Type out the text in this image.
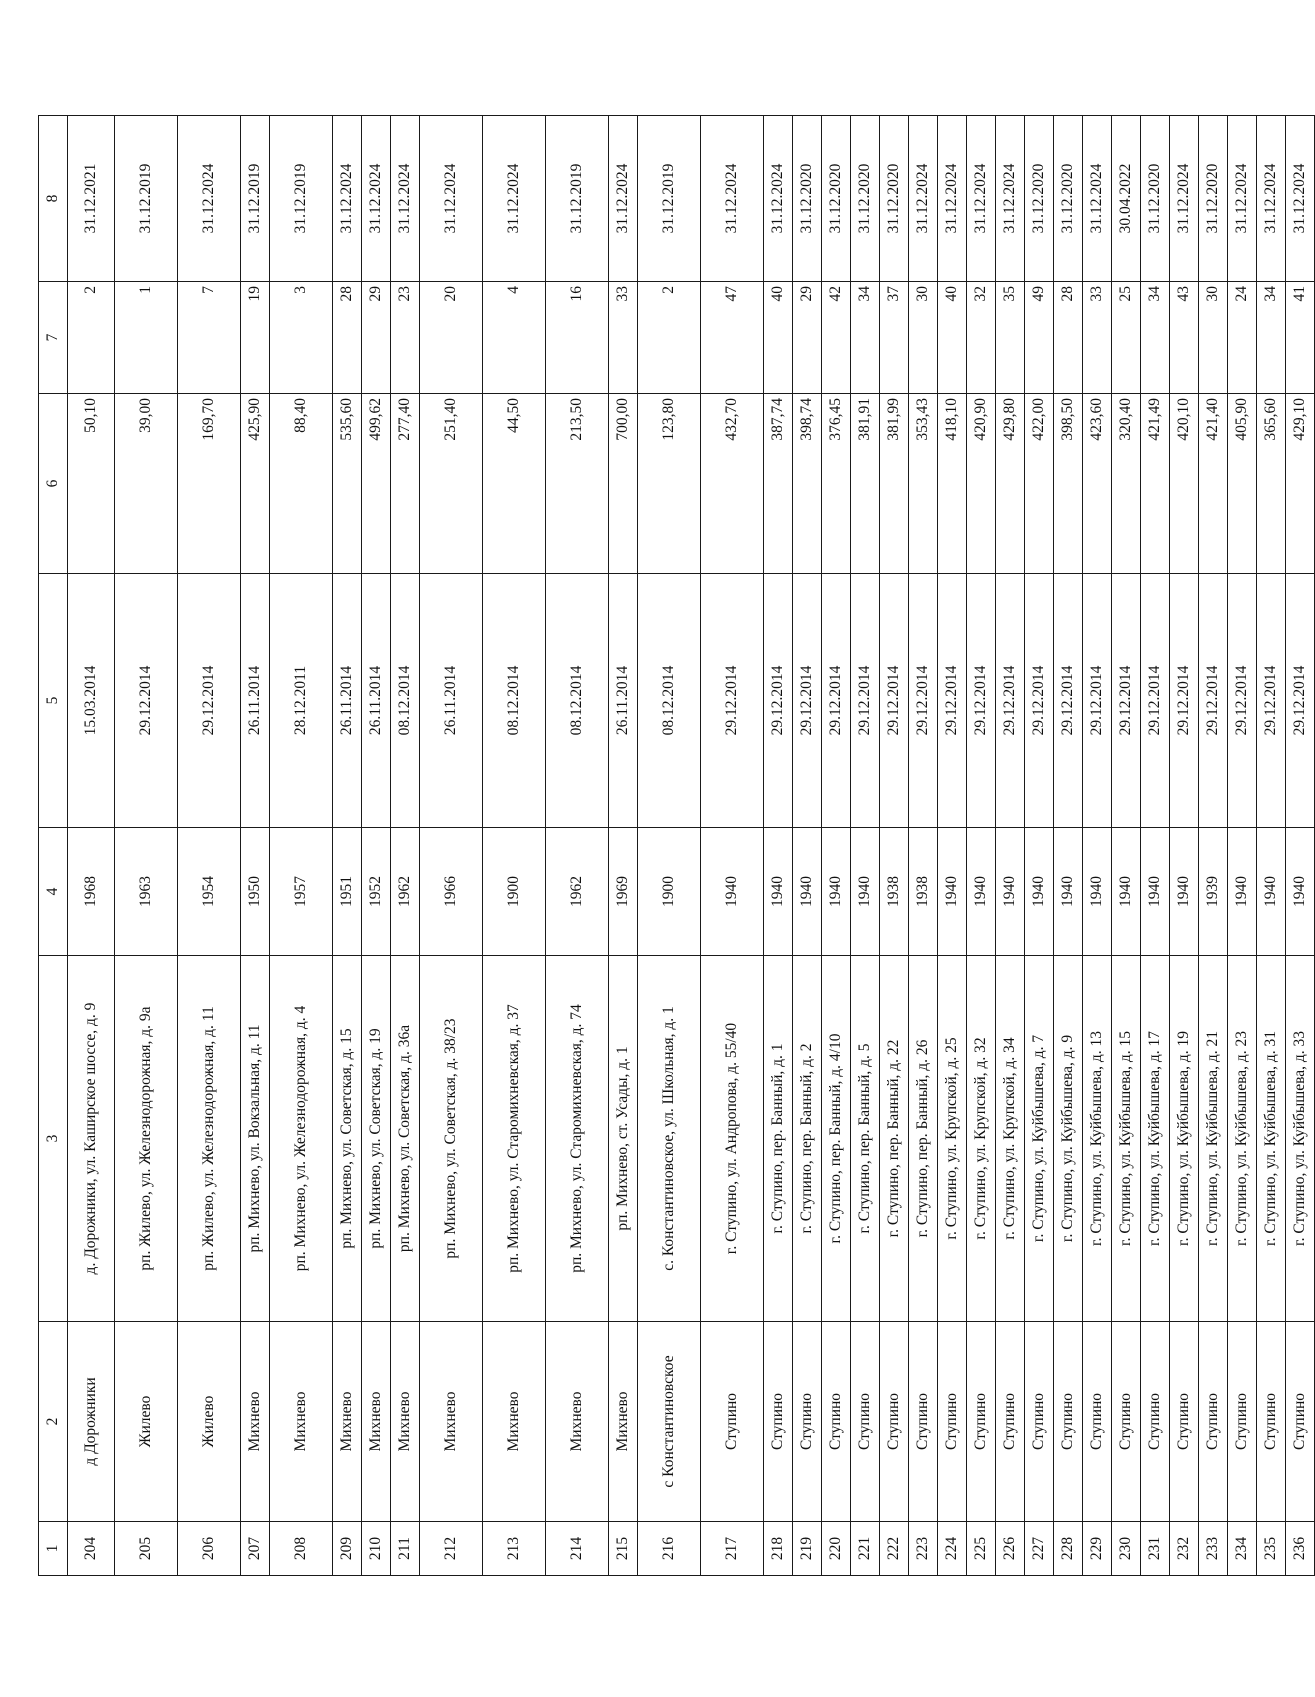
1	2	3	4	5	6	7	8
204	д Дорожники	д. Дорожники, ул. Каширское шоссе, д. 9	1968	15.03.2014	50,10	2	31.12.2021
205	Жилево	рп. Жилево, ул. Железнодорожная, д. 9а	1963	29.12.2014	39,00	1	31.12.2019
206	Жилево	рп. Жилево, ул. Железнодорожная, д. 11	1954	29.12.2014	169,70	7	31.12.2024
207	Михнево	рп. Михнево, ул. Вокзальная, д. 11	1950	26.11.2014	425,90	19	31.12.2019
208	Михнево	рп. Михнево, ул. Железнодорожная, д. 4	1957	28.12.2011	88,40	3	31.12.2019
209	Михнево	рп. Михнево, ул. Советская, д. 15	1951	26.11.2014	535,60	28	31.12.2024
210	Михнево	рп. Михнево, ул. Советская, д. 19	1952	26.11.2014	499,62	29	31.12.2024
211	Михнево	рп. Михнево, ул. Советская, д. 36а	1962	08.12.2014	277,40	23	31.12.2024
212	Михнево	рп. Михнево, ул. Советская, д. 38/23	1966	26.11.2014	251,40	20	31.12.2024
213	Михнево	рп. Михнево, ул. Старомихневская, д. 37	1900	08.12.2014	44,50	4	31.12.2024
214	Михнево	рп. Михнево, ул. Старомихневская, д. 74	1962	08.12.2014	213,50	16	31.12.2019
215	Михнево	рп. Михнево, ст. Усады, д. 1	1969	26.11.2014	700,00	33	31.12.2024
216	с Константиновское	с. Константиновское, ул. Школьная, д. 1	1900	08.12.2014	123,80	2	31.12.2019
217	Ступино	г. Ступино, ул. Андропова, д. 55/40	1940	29.12.2014	432,70	47	31.12.2024
218	Ступино	г. Ступино, пер. Банный, д. 1	1940	29.12.2014	387,74	40	31.12.2024
219	Ступино	г. Ступино, пер. Банный, д. 2	1940	29.12.2014	398,74	29	31.12.2020
220	Ступино	г. Ступино, пер. Банный, д. 4/10	1940	29.12.2014	376,45	42	31.12.2020
221	Ступино	г. Ступино, пер. Банный, д. 5	1940	29.12.2014	381,91	34	31.12.2020
222	Ступино	г. Ступино, пер. Банный, д. 22	1938	29.12.2014	381,99	37	31.12.2020
223	Ступино	г. Ступино, пер. Банный, д. 26	1938	29.12.2014	353,43	30	31.12.2024
224	Ступино	г. Ступино, ул. Крупской, д. 25	1940	29.12.2014	418,10	40	31.12.2024
225	Ступино	г. Ступино, ул. Крупской, д. 32	1940	29.12.2014	420,90	32	31.12.2024
226	Ступино	г. Ступино, ул. Крупской, д. 34	1940	29.12.2014	429,80	35	31.12.2024
227	Ступино	г. Ступино, ул. Куйбышева, д. 7	1940	29.12.2014	422,00	49	31.12.2020
228	Ступино	г. Ступино, ул. Куйбышева, д. 9	1940	29.12.2014	398,50	28	31.12.2020
229	Ступино	г. Ступино, ул. Куйбышева, д. 13	1940	29.12.2014	423,60	33	31.12.2024
230	Ступино	г. Ступино, ул. Куйбышева, д. 15	1940	29.12.2014	320,40	25	30.04.2022
231	Ступино	г. Ступино, ул. Куйбышева, д. 17	1940	29.12.2014	421,49	34	31.12.2020
232	Ступино	г. Ступино, ул. Куйбышева, д. 19	1940	29.12.2014	420,10	43	31.12.2024
233	Ступино	г. Ступино, ул. Куйбышева, д. 21	1939	29.12.2014	421,40	30	31.12.2020
234	Ступино	г. Ступино, ул. Куйбышева, д. 23	1940	29.12.2014	405,90	24	31.12.2024
235	Ступино	г. Ступино, ул. Куйбышева, д. 31	1940	29.12.2014	365,60	34	31.12.2024
236	Ступино	г. Ступино, ул. Куйбышева, д. 33	1940	29.12.2014	429,10	41	31.12.2024
